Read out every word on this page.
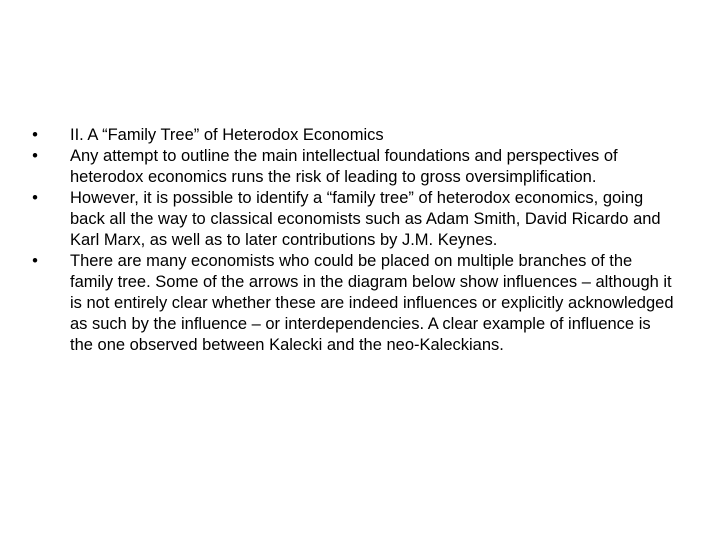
• II. A “Family Tree” of Heterodox Economics
• Any attempt to outline the main intellectual foundations and perspectives of heterodox economics runs the risk of leading to gross oversimplification.
• However, it is possible to identify a “family tree” of heterodox economics, going back all the way to classical economists such as Adam Smith, David Ricardo and Karl Marx, as well as to later contributions by J.M. Keynes.
• There are many economists who could be placed on multiple branches of the family tree. Some of the arrows in the diagram below show influences – although it is not entirely clear whether these are indeed influences or explicitly acknowledged as such by the influence – or interdependencies. A clear example of influence is the one observed between Kalecki and the neo-Kaleckians.
